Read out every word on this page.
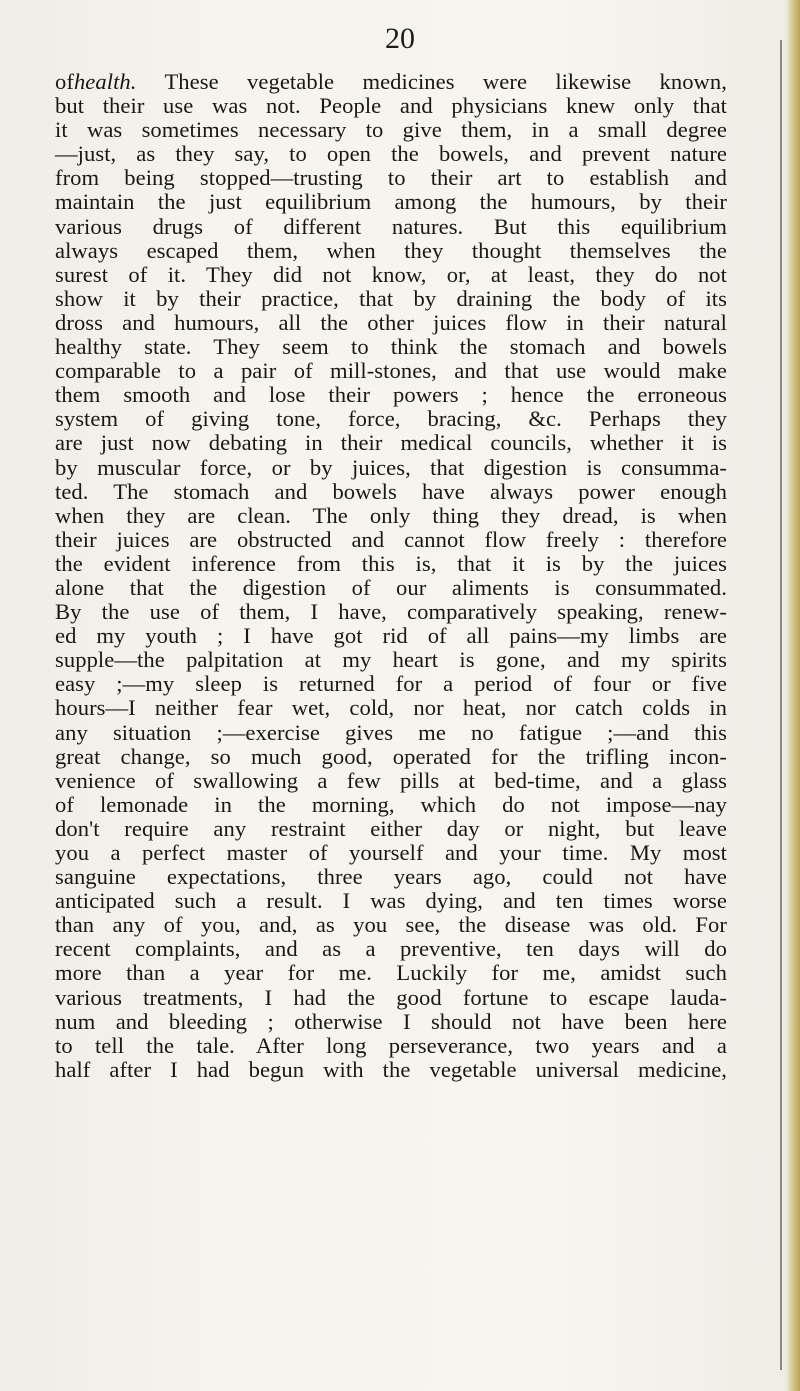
20
ofhealth. These vegetable medicines were likewise known,
but their use was not. People and physicians knew only that
it was sometimes necessary to give them, in a small degree
—just, as they say, to open the bowels, and prevent nature
from being stopped—trusting to their art to establish and
maintain the just equilibrium among the humours, by their
various drugs of different natures. But this equilibrium
always escaped them, when they thought themselves the
surest of it. They did not know, or, at least, they do not
show it by their practice, that by draining the body of its
dross and humours, all the other juices flow in their natural
healthy state. They seem to think the stomach and bowels
comparable to a pair of mill-stones, and that use would make
them smooth and lose their powers ; hence the erroneous
system of giving tone, force, bracing, &c. Perhaps they
are just now debating in their medical councils, whether it is
by muscular force, or by juices, that digestion is consumma-
ted. The stomach and bowels have always power enough
when they are clean. The only thing they dread, is when
their juices are obstructed and cannot flow freely : therefore
the evident inference from this is, that it is by the juices
alone that the digestion of our aliments is consummated.
By the use of them, I have, comparatively speaking, renew-
ed my youth ; I have got rid of all pains—my limbs are
supple—the palpitation at my heart is gone, and my spirits
easy ;—my sleep is returned for a period of four or five
hours—I neither fear wet, cold, nor heat, nor catch colds in
any situation ;—exercise gives me no fatigue ;—and this
great change, so much good, operated for the trifling incon-
venience of swallowing a few pills at bed-time, and a glass
of lemonade in the morning, which do not impose—nay
don't require any restraint either day or night, but leave
you a perfect master of yourself and your time. My most
sanguine expectations, three years ago, could not have
anticipated such a result. I was dying, and ten times worse
than any of you, and, as you see, the disease was old. For
recent complaints, and as a preventive, ten days will do
more than a year for me. Luckily for me, amidst such
various treatments, I had the good fortune to escape lauda-
num and bleeding ; otherwise I should not have been here
to tell the tale. After long perseverance, two years and a
half after I had begun with the vegetable universal medicine,
